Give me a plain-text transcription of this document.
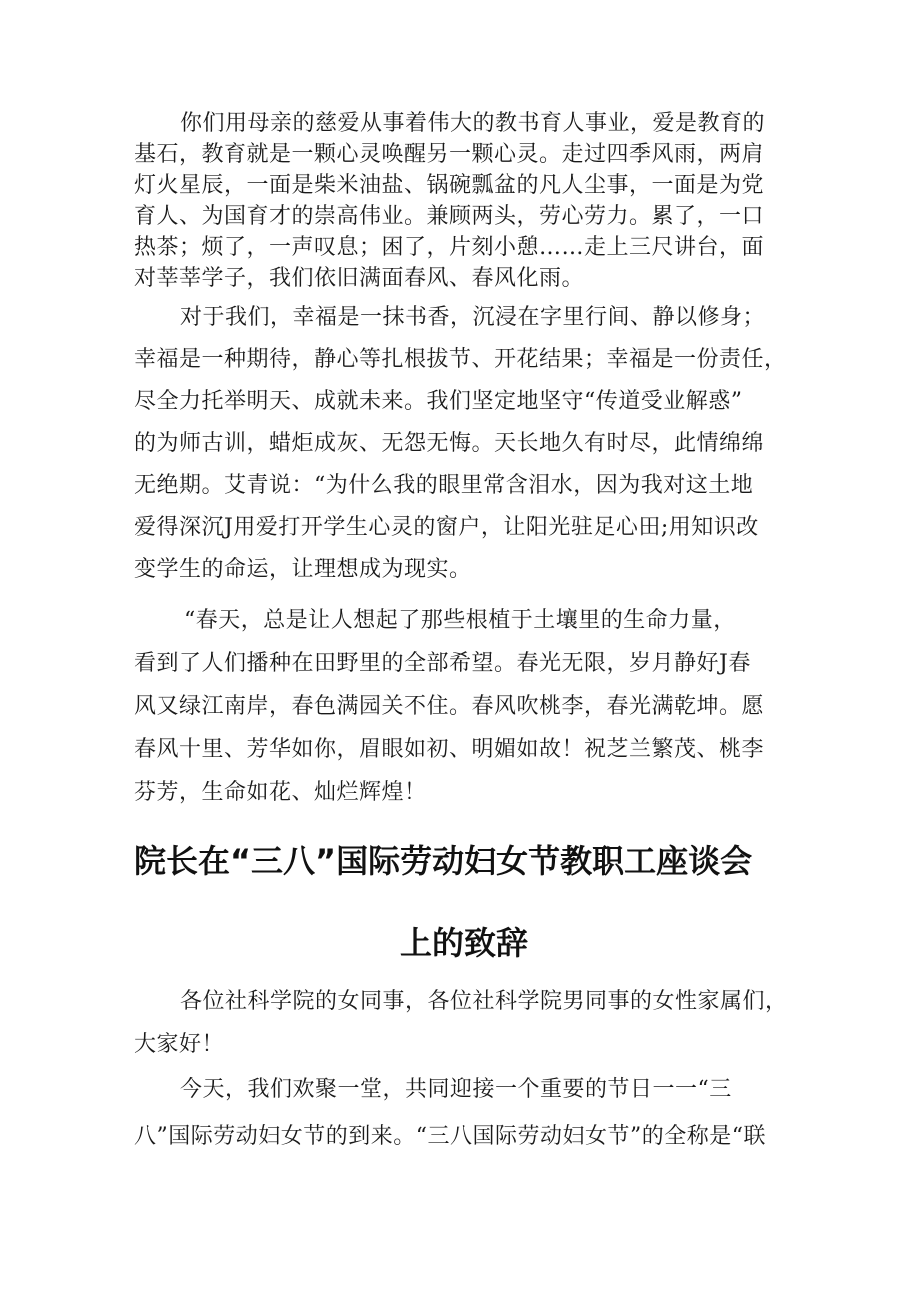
你们用母亲的慈爱从事着伟大的教书育人事业，爱是教育的
基石，教育就是一颗心灵唤醒另一颗心灵。走过四季风雨，两肩
灯火星辰，一面是柴米油盐、锅碗瓢盆的凡人尘事，一面是为党
育人、为国育才的崇高伟业。兼顾两头，劳心劳力。累了，一口
热茶；烦了，一声叹息；困了，片刻小憩……走上三尺讲台，面
对莘莘学子，我们依旧满面春风、春风化雨。

对于我们，幸福是一抹书香，沉浸在字里行间、静以修身；
幸福是一种期待，静心等扎根拔节、开花结果；幸福是一份责任，
尽全力托举明天、成就未来。我们坚定地坚守“传道受业解惑”
的为师古训，蜡炬成灰、无怨无悔。天长地久有时尽，此情绵绵
无绝期。艾青说：“为什么我的眼里常含泪水，因为我对这土地
爱得深沉J用爱打开学生心灵的窗户，让阳光驻足心田;用知识改
变学生的命运，让理想成为现实。

“春天，总是让人想起了那些根植于土壤里的生命力量，
看到了人们播种在田野里的全部希望。春光无限，岁月静好J春
风又绿江南岸，春色满园关不住。春风吹桃李，春光满乾坤。愿
春风十里、芳华如你，眉眼如初、明媚如故！祝芝兰繁茂、桃李
芬芳，生命如花、灿烂辉煌！

院长在“三八”国际劳动妇女节教职工座谈会
上的致辞

各位社科学院的女同事，各位社科学院男同事的女性家属们，
大家好！

今天，我们欢聚一堂，共同迎接一个重要的节日一一“三
八”国际劳动妇女节的到来。“三八国际劳动妇女节”的全称是“联
